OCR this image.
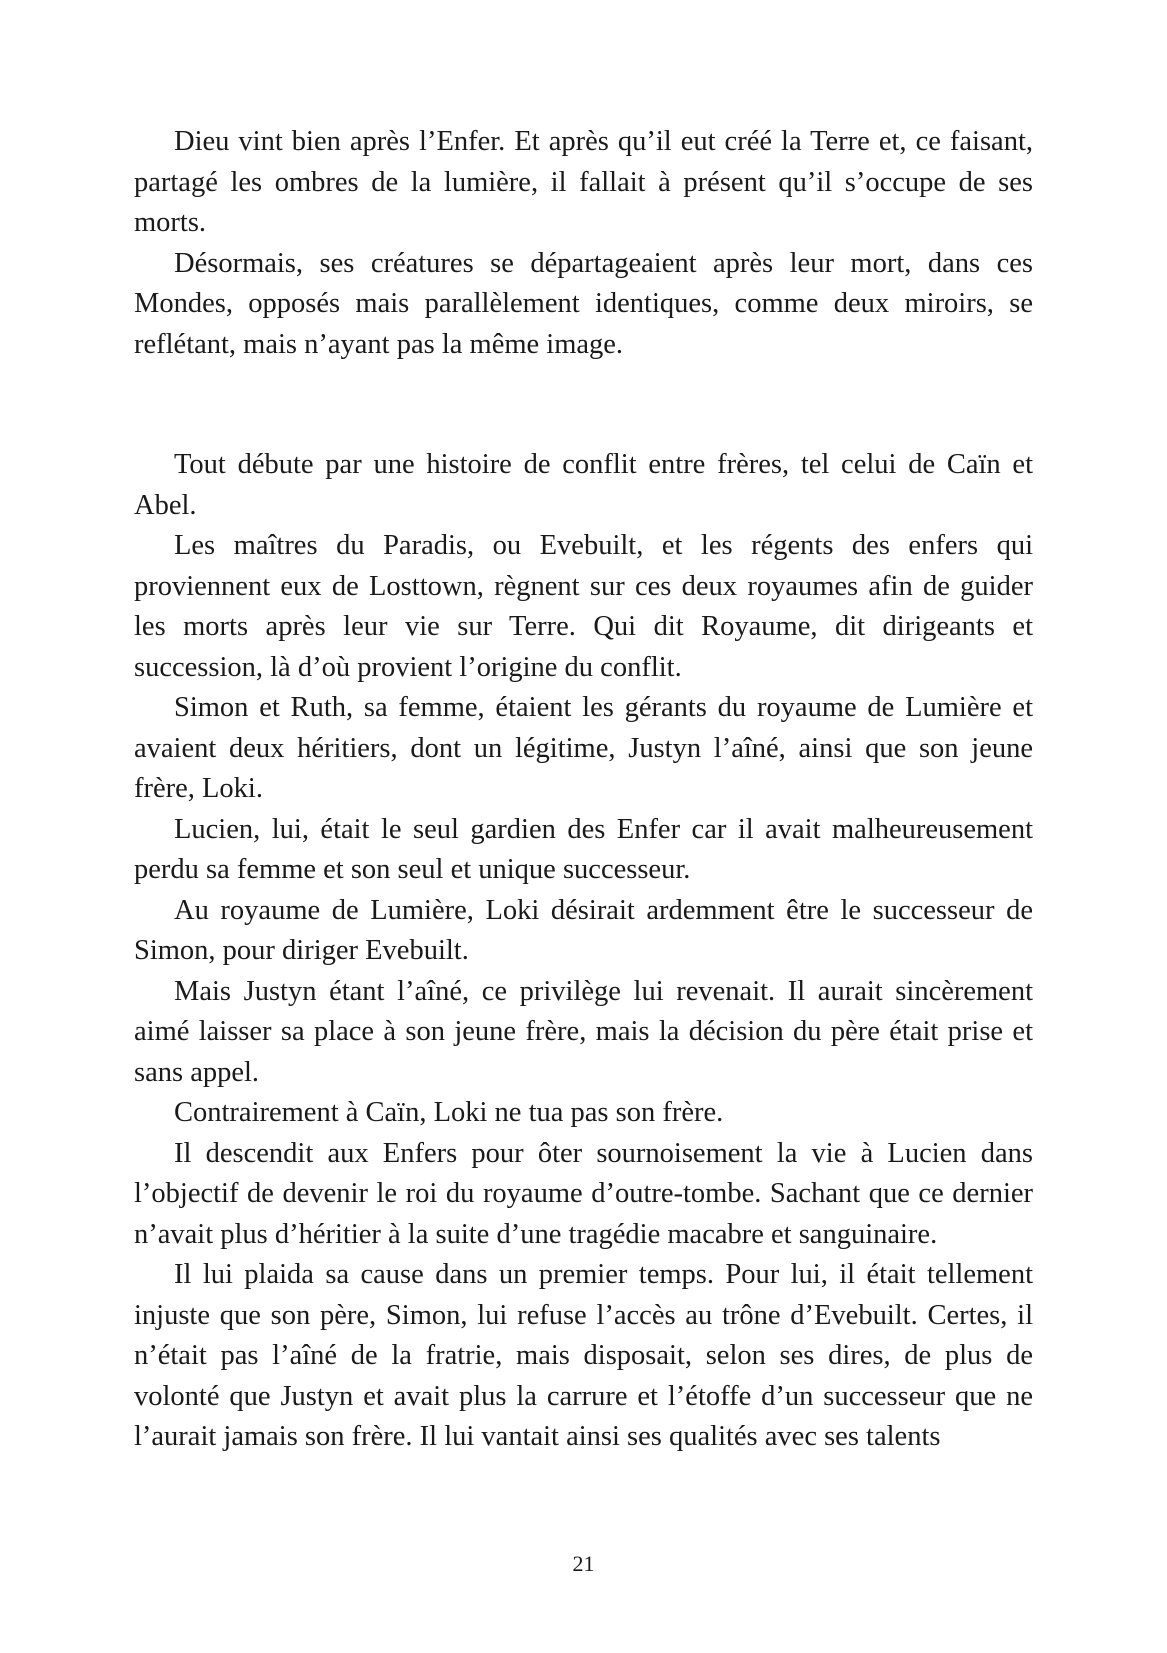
Dieu vint bien après l’Enfer. Et après qu’il eut créé la Terre et, ce faisant, partagé les ombres de la lumière, il fallait à présent qu’il s’occupe de ses morts.

Désormais, ses créatures se départageaient après leur mort, dans ces Mondes, opposés mais parallèlement identiques, comme deux miroirs, se reflétant, mais n’ayant pas la même image.

Tout débute par une histoire de conflit entre frères, tel celui de Caïn et Abel.

Les maîtres du Paradis, ou Evebuilt, et les régents des enfers qui proviennent eux de Losttown, règnent sur ces deux royaumes afin de guider les morts après leur vie sur Terre. Qui dit Royaume, dit dirigeants et succession, là d’où provient l’origine du conflit.

Simon et Ruth, sa femme, étaient les gérants du royaume de Lumière et avaient deux héritiers, dont un légitime, Justyn l’aîné, ainsi que son jeune frère, Loki.

Lucien, lui, était le seul gardien des Enfer car il avait malheureusement perdu sa femme et son seul et unique successeur.

Au royaume de Lumière, Loki désirait ardemment être le successeur de Simon, pour diriger Evebuilt.

Mais Justyn étant l’aîné, ce privilège lui revenait. Il aurait sincèrement aimé laisser sa place à son jeune frère, mais la décision du père était prise et sans appel.

Contrairement à Caïn, Loki ne tua pas son frère.

Il descendit aux Enfers pour ôter sournoisement la vie à Lucien dans l’objectif de devenir le roi du royaume d’outre-tombe. Sachant que ce dernier n’avait plus d’héritier à la suite d’une tragédie macabre et sanguinaire.

Il lui plaida sa cause dans un premier temps. Pour lui, il était tellement injuste que son père, Simon, lui refuse l’accès au trône d’Evebuilt. Certes, il n’était pas l’aîné de la fratrie, mais disposait, selon ses dires, de plus de volonté que Justyn et avait plus la carrure et l’étoffe d’un successeur que ne l’aurait jamais son frère. Il lui vantait ainsi ses qualités avec ses talents

21
